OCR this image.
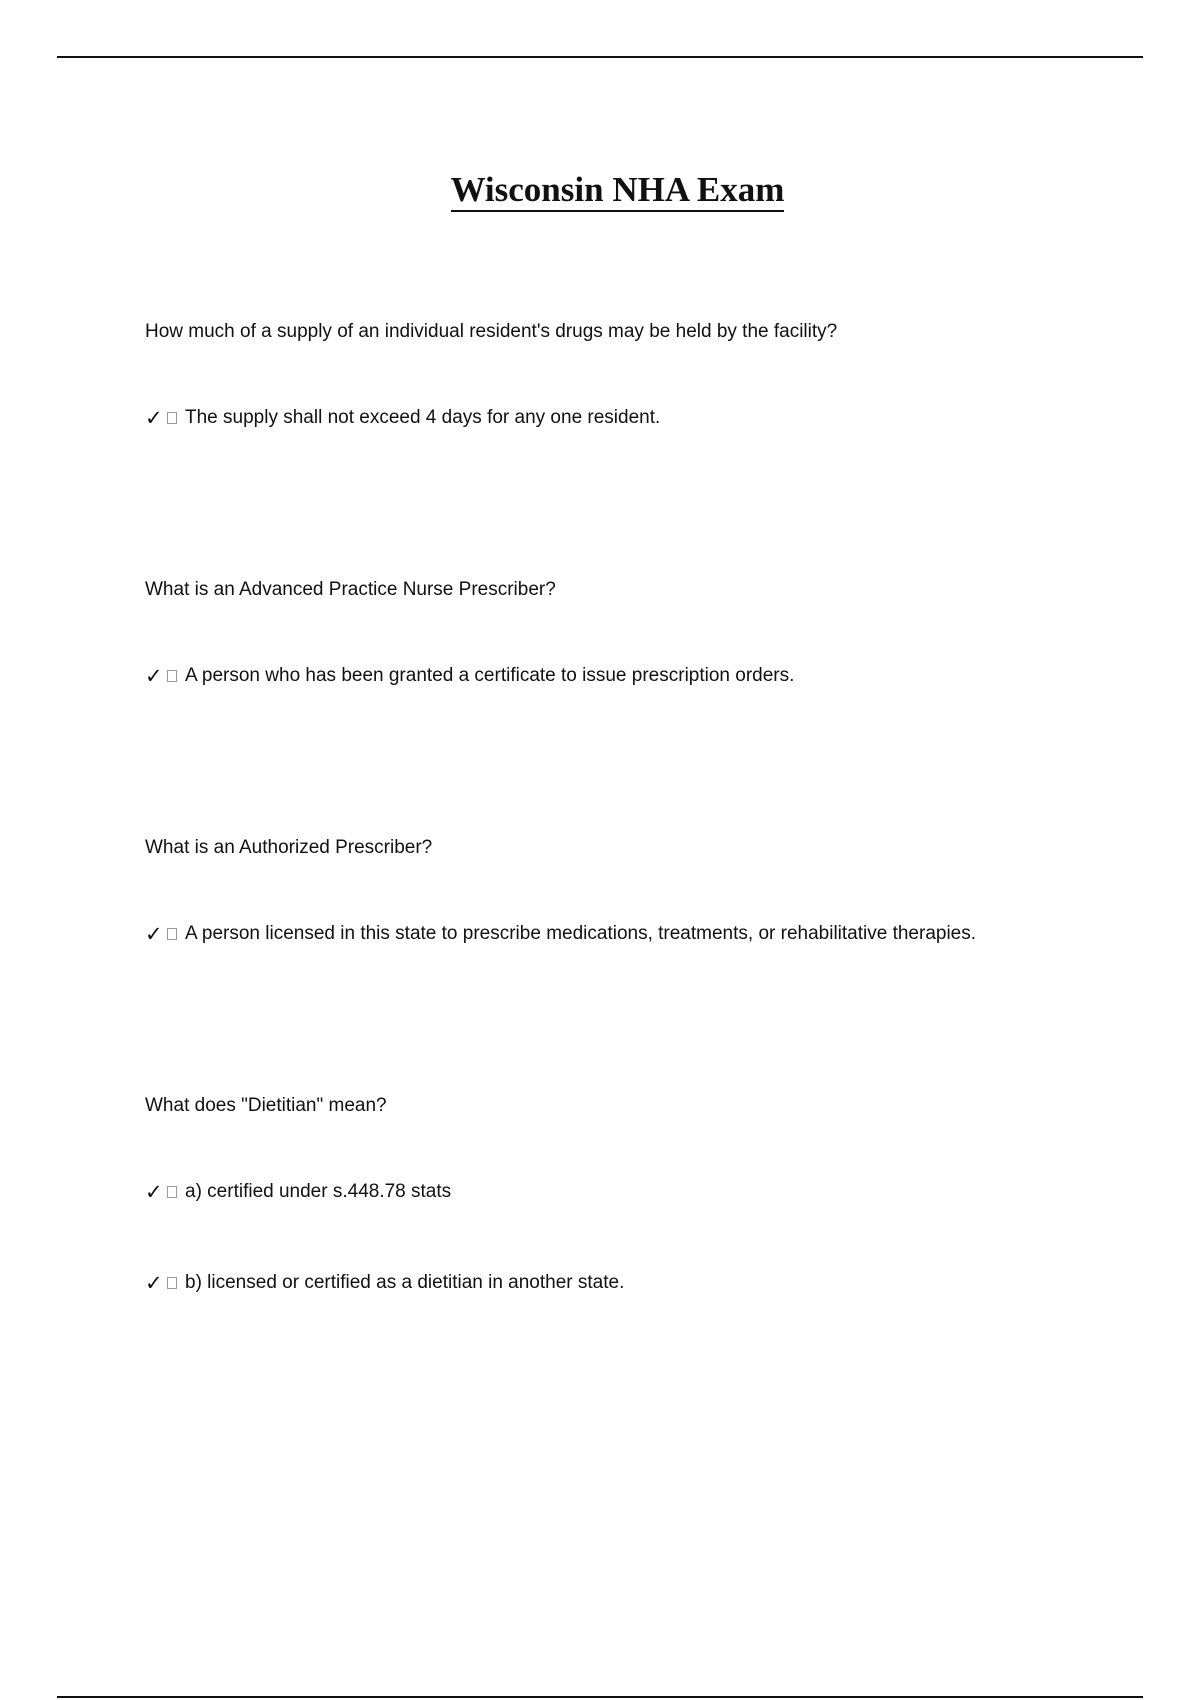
Wisconsin NHA Exam
How much of a supply of an individual resident's drugs may be held by the facility?
✓ The supply shall not exceed 4 days for any one resident.
What is an Advanced Practice Nurse Prescriber?
✓ A person who has been granted a certificate to issue prescription orders.
What is an Authorized Prescriber?
✓ A person licensed in this state to prescribe medications, treatments, or rehabilitative therapies.
What does "Dietitian" mean?
✓ a) certified under s.448.78 stats
✓ b) licensed or certified as a dietitian in another state.
